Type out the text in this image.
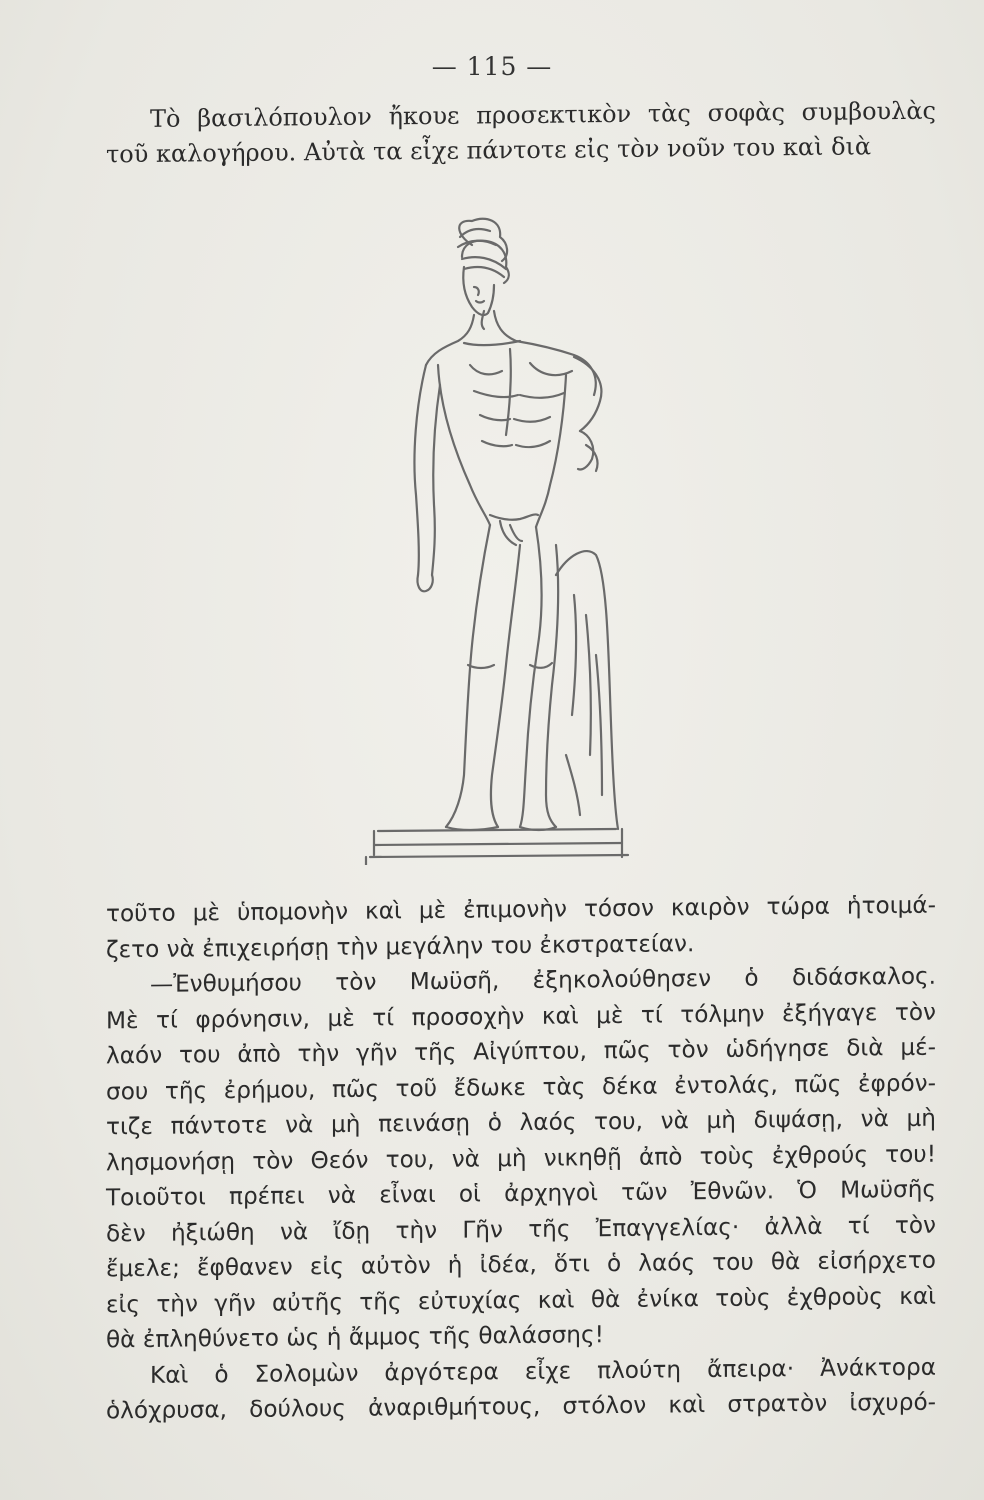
— 115 —
Τὸ βασιλόπουλον ἤκουε προσεκτικὸν τὰς σοφὰς συμβουλὰς
τοῦ καλογήρου. Αὐτὰ τα εἶχε πάντοτε εἰς τὸν νοῦν του καὶ διὰ
τοῦτο μὲ ὑπομονὴν καὶ μὲ ἐπιμονὴν τόσον καιρὸν τώρα ἡτοιμά-
ζετο νὰ ἐπιχειρήσῃ τὴν μεγάλην του ἐκστρατείαν.
—Ἐνθυμήσου τὸν Μωϋσῆ, ἐξηκολούθησεν ὁ διδάσκαλος.
Μὲ τί φρόνησιν, μὲ τί προσοχὴν καὶ μὲ τί τόλμην ἐξήγαγε τὸν
λαόν του ἀπὸ τὴν γῆν τῆς Αἰγύπτου, πῶς τὸν ὡδήγησε διὰ μέ-
σου τῆς ἐρήμου, πῶς τοῦ ἔδωκε τὰς δέκα ἐντολάς, πῶς ἐφρόν-
τιζε πάντοτε νὰ μὴ πεινάσῃ ὁ λαός του, νὰ μὴ διψάσῃ, νὰ μὴ
λησμονήσῃ τὸν Θεόν του, νὰ μὴ νικηθῇ ἀπὸ τοὺς ἐχθρούς του!
Τοιοῦτοι πρέπει νὰ εἶναι οἱ ἀρχηγοὶ τῶν Ἐθνῶν. Ὁ Μωϋσῆς
δὲν ἠξιώθη νὰ ἴδῃ τὴν Γῆν τῆς Ἐπαγγελίας· ἀλλὰ τί τὸν
ἔμελε; ἔφθανεν εἰς αὐτὸν ἡ ἰδέα, ὅτι ὁ λαός του θὰ εἰσήρχετο
εἰς τὴν γῆν αὐτῆς τῆς εὐτυχίας καὶ θὰ ἐνίκα τοὺς ἐχθροὺς καὶ
θὰ ἐπληθύνετο ὡς ἡ ἄμμος τῆς θαλάσσης!
Καὶ ὁ Σολομὼν ἀργότερα εἶχε πλούτη ἄπειρα· Ἀνάκτορα
ὁλόχρυσα, δούλους ἀναριθμήτους, στόλον καὶ στρατὸν ἰσχυρό-
